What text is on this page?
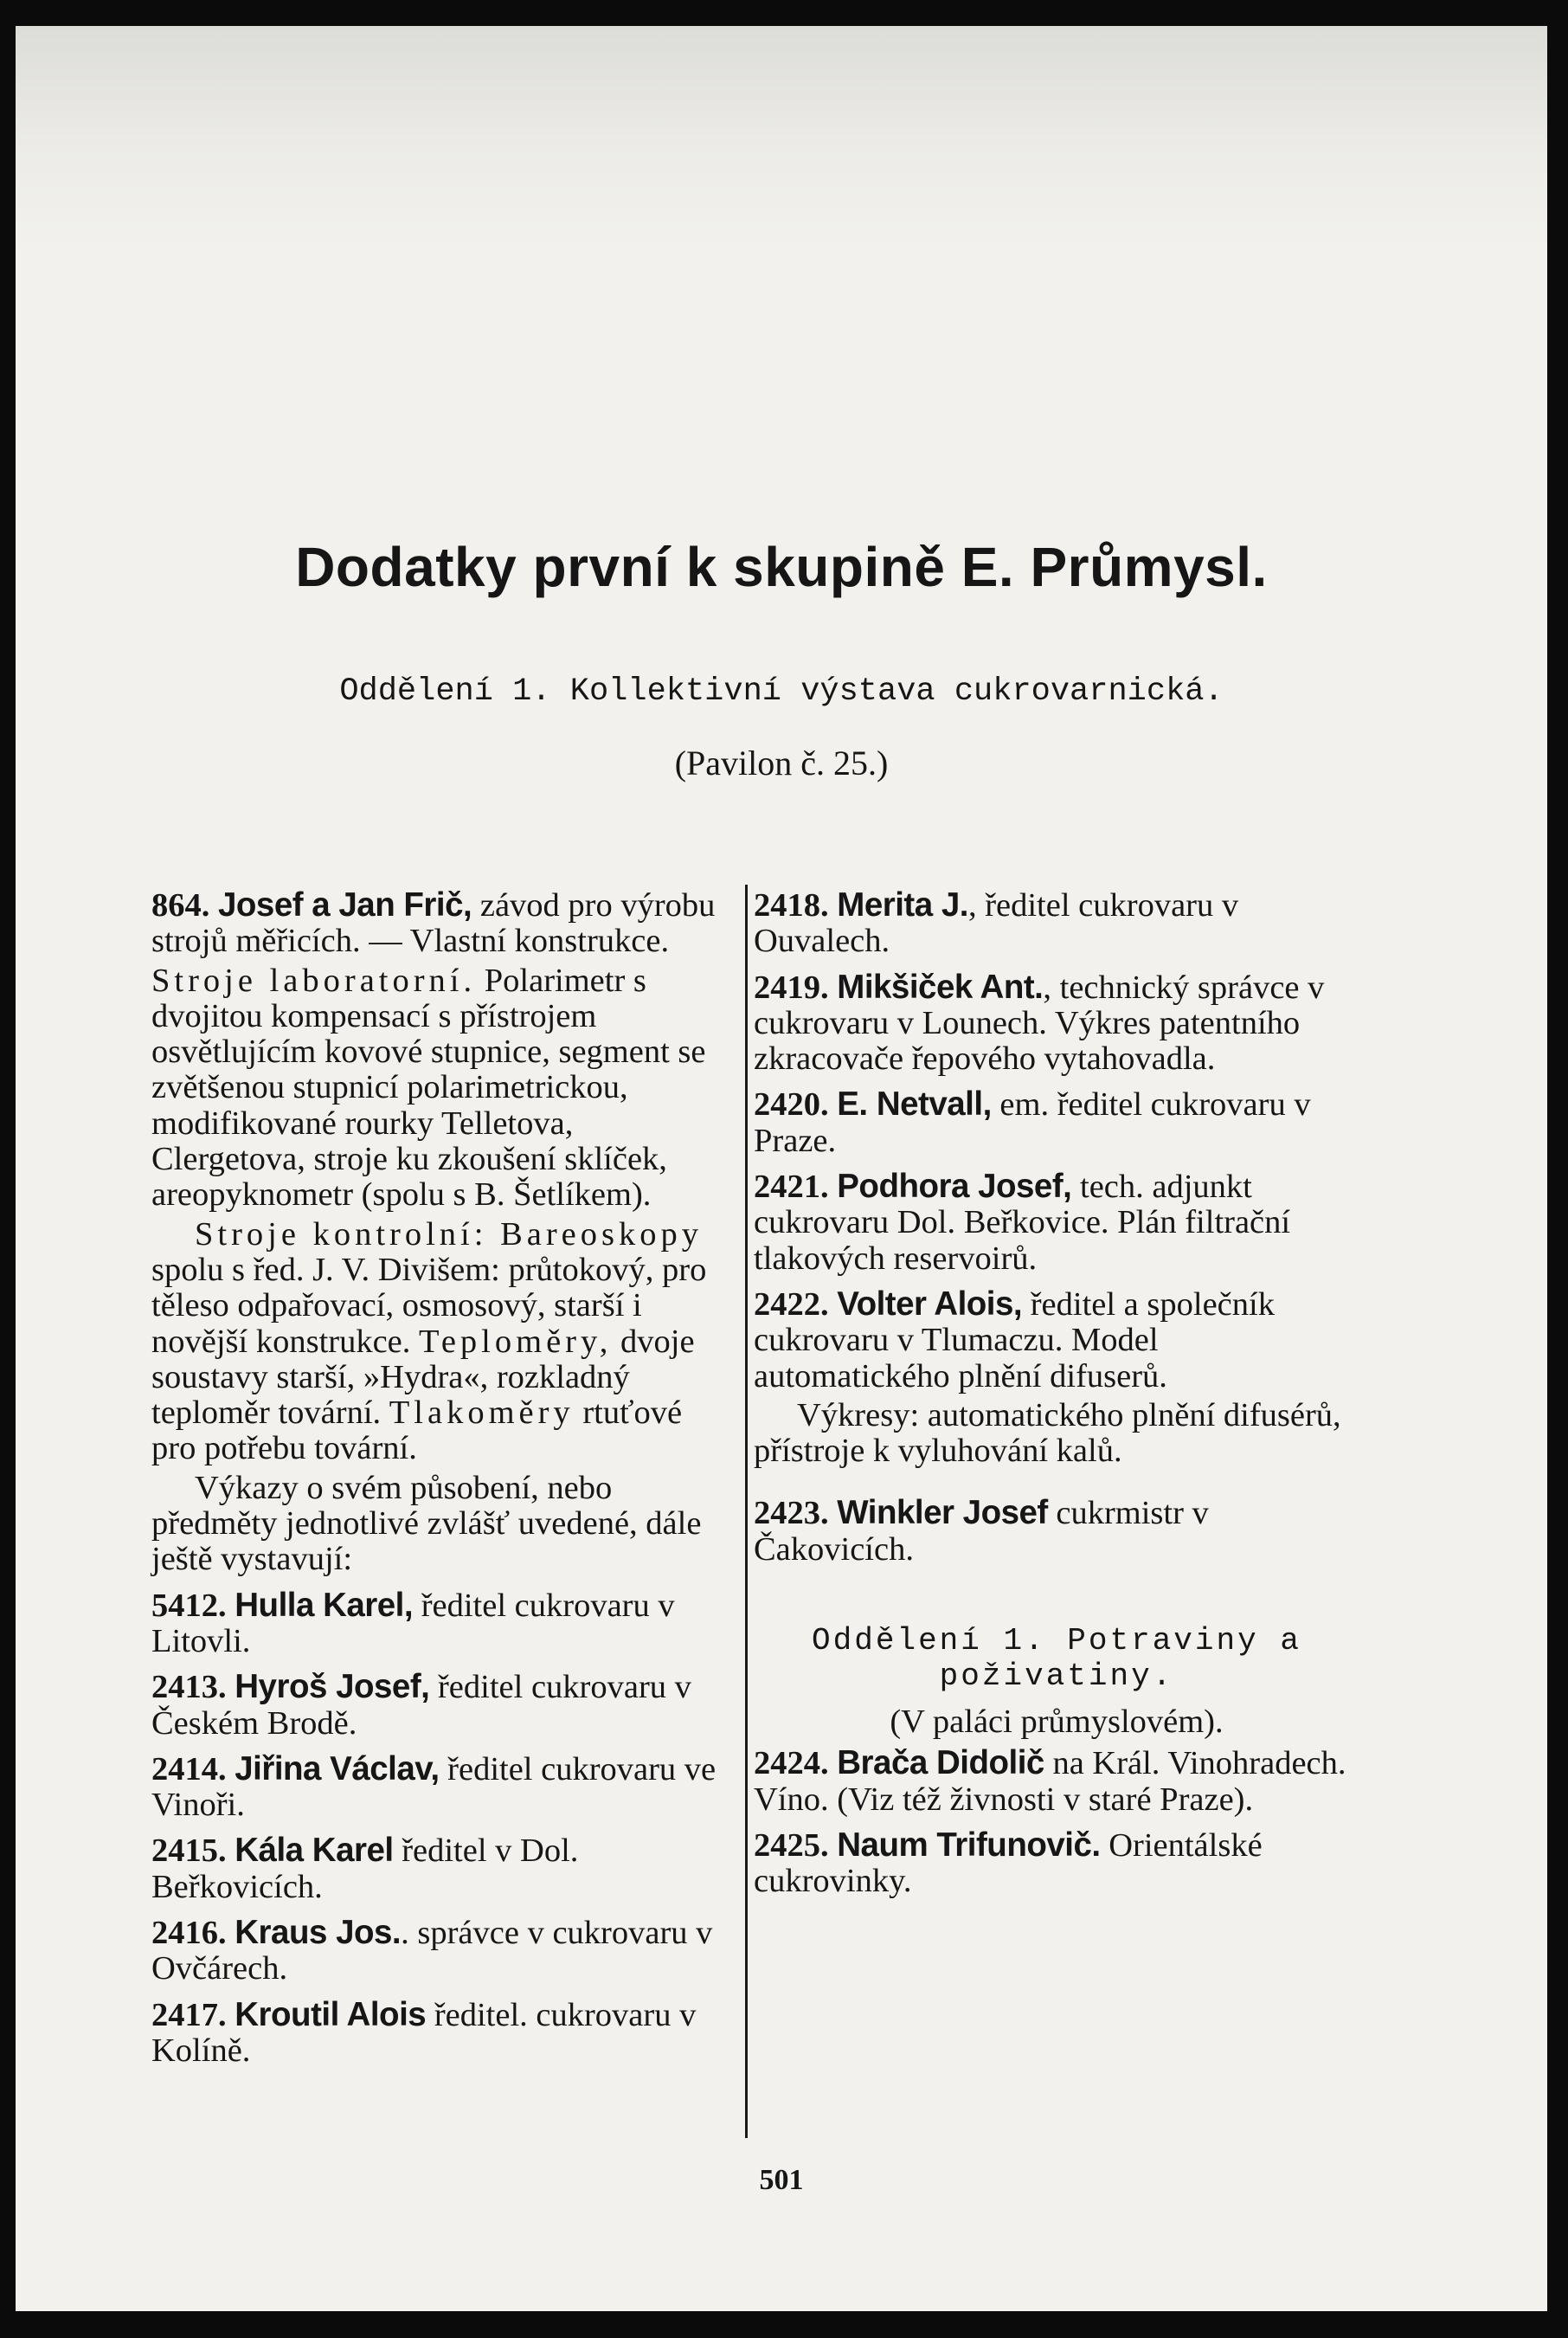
Dodatky první k skupině E. Průmysl.
Oddělení 1. Kollektivní výstava cukrovarnická.
(Pavilon č. 25.)
864. Josef a Jan Frič, závod pro výrobu strojů měřicích. — Vlastní konstrukce.
Stroje laboratorní. Polarimetr s dvojitou kompensací s přístrojem osvětlujícím kovové stupnice, segment se zvětšenou stupnicí polarimetrickou, modifikované rourky Telletova, Clergetova, stroje ku zkoušení sklíček, areopyknometr (spolu s B. Šetlíkem).
Stroje kontrolní: Bareoskopy spolu s řed. J. V. Divišem: průtokový, pro těleso odpařovací, osmosový, starší i novější konstrukce. Teploměry, dvoje soustavy starší, »Hydra«, rozkladný teploměr tovární. Tlakoměry rtuťové pro potřebu tovární.
Výkazy o svém působení, nebo předměty jednotlivé zvlášť uvedené, dále ještě vystavují:
5412. Hulla Karel, ředitel cukrovaru v Litovli.
2413. Hyroš Josef, ředitel cukrovaru v Českém Brodě.
2414. Jiřina Václav, ředitel cukrovaru ve Vinoři.
2415. Kála Karel ředitel v Dol. Beřkovicích.
2416. Kraus Jos.. správce v cukrovaru v Ovčárech.
2417. Kroutil Alois ředitel. cukrovaru v Kolíně.
2418. Merita J., ředitel cukrovaru v Ouvalech.
2419. Mikšiček Ant., technický správce v cukrovaru v Lounech. Výkres patentního zkracovače řepového vytahovadla.
2420. E. Netvall, em. ředitel cukrovaru v Praze.
2421. Podhora Josef, tech. adjunkt cukrovaru Dol. Beřkovice. Plán filtrační tlakových reservoirů.
2422. Volter Alois, ředitel a společník cukrovaru v Tlumaczu. Model automatického plnění difuserů.
Výkresy: automatického plnění difusérů, přístroje k vyluhování kalů.
2423. Winkler Josef cukrmistr v Čakovicích.
Oddělení 1. Potraviny a poživatiny.
(V paláci průmyslovém).
2424. Brača Didolič na Král. Vinohradech. Víno. (Viz též živnosti v staré Praze).
2425. Naum Trifunovič. Orientálské cukrovinky.
501
